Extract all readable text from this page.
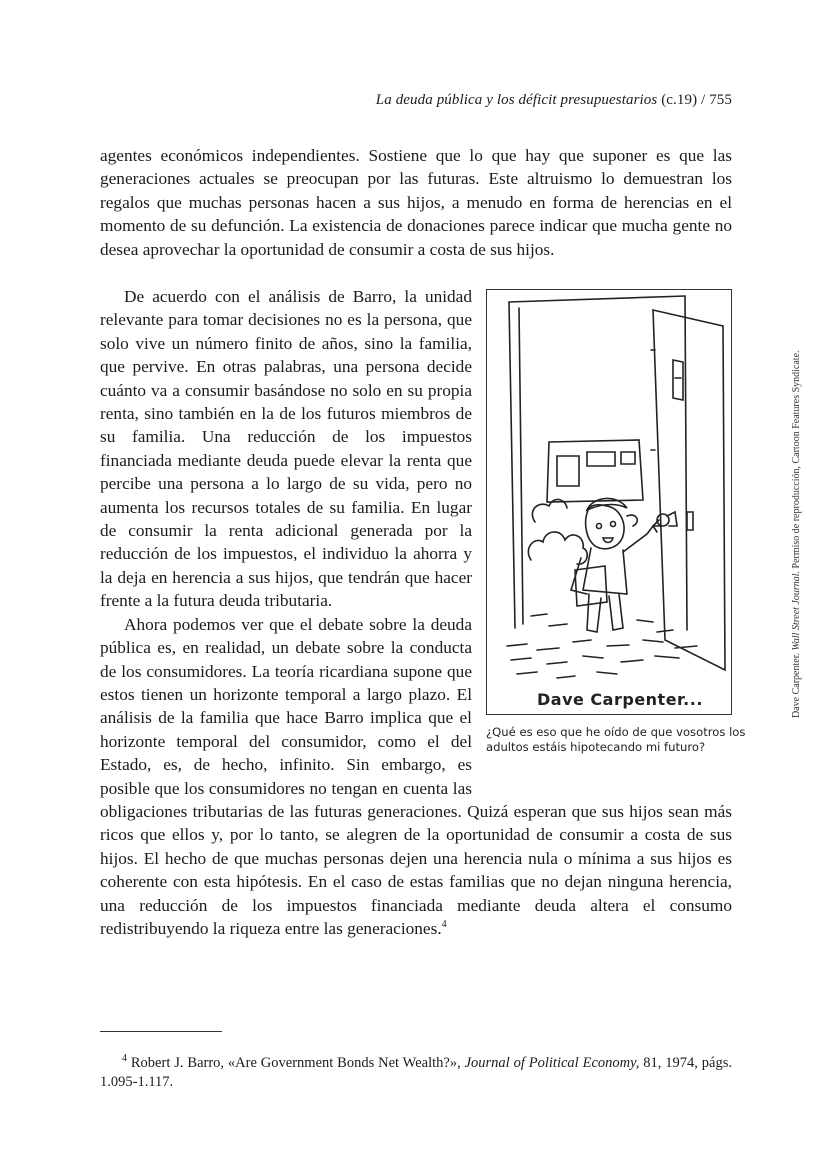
La deuda pública y los déficit presupuestarios (c.19) / 755

agentes económicos independientes. Sostiene que lo que hay que suponer es que las generaciones actuales se preocupan por las futuras. Este altruismo lo demuestran los regalos que muchas personas hacen a sus hijos, a menudo en forma de herencias en el momento de su defunción. La existencia de donaciones parece indicar que mucha gente no desea aprovechar la oportunidad de consumir a costa de sus hijos.

Dave Carpenter...
¿Qué es eso que he oído de que vosotros los adultos estáis hipotecando mi futuro?

De acuerdo con el análisis de Barro, la unidad relevante para tomar decisiones no es la persona, que solo vive un número finito de años, sino la familia, que pervive. En otras palabras, una persona decide cuánto va a consumir basándose no solo en su propia renta, sino también en la de los futuros miembros de su familia. Una reducción de los impuestos financiada mediante deuda puede elevar la renta que percibe una persona a lo largo de su vida, pero no aumenta los recursos totales de su familia. En lugar de consumir la renta adicional generada por la reducción de los impuestos, el individuo la ahorra y la deja en herencia a sus hijos, que tendrán que hacer frente a la futura deuda tributaria.

Ahora podemos ver que el debate sobre la deuda pública es, en realidad, un debate sobre la conducta de los consumidores. La teoría ricardiana supone que estos tienen un horizonte temporal a largo plazo. El análisis de la familia que hace Barro implica que el horizonte temporal del consumidor, como el del Estado, es, de hecho, infinito. Sin embargo, es posible que los consumidores no tengan en cuenta las obligaciones tributarias de las futuras generaciones. Quizá esperan que sus hijos sean más ricos que ellos y, por lo tanto, se alegren de la oportunidad de consumir a costa de sus hijos. El hecho de que muchas personas dejen una herencia nula o mínima a sus hijos es coherente con esta hipótesis. En el caso de estas familias que no dejan ninguna herencia, una reducción de los impuestos financiada mediante deuda altera el consumo redistribuyendo la riqueza entre las generaciones.$^4$

Dave Carpenter. Wall Street Journal. Permiso de reproducción, Cartoon Features Syndicate.

$^4$ Robert J. Barro, «Are Government Bonds Net Wealth?», Journal of Political Economy, 81, 1974, págs. 1.095-1.117.
